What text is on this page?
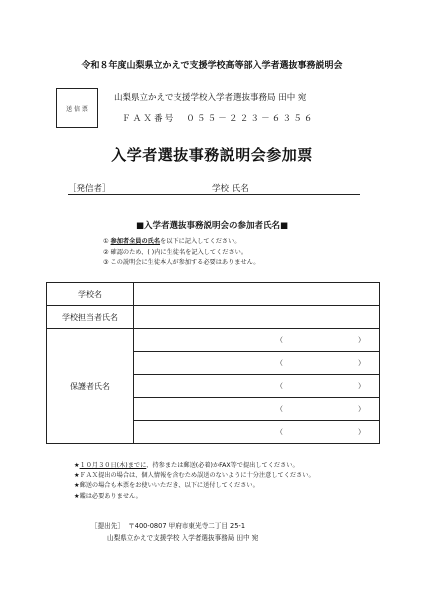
令和８年度山梨県立かえで支援学校高等部入学者選抜事務説明会
送 信 票
山梨県立かえで支援学校入学者選抜事務局 田中 宛
ＦＡＸ番号　０５５－２２３－６３５６
入学者選抜事務説明会参加票
［発信者］	学校 氏名
■入学者選抜事務説明会の参加者氏名■
① 参加者全員の氏名を以下に記入してください。
② 確認のため、( )内に生徒名を記入してください。
③ この説明会に生徒本人が参加する必要はありません。
学校名	
学校担当者氏名	
保護者氏名	（ ）

	（ ）

	（ ）

	（ ）

	（ ）
★１０月３０日(木)までに、持参または郵送(必着)かFAX等で提出してください。
★ＦＡＸ提出の場合は、個人情報を含むため誤送のないように十分注意してください。
★郵送の場合も本票をお使いいただき、以下に送付してください。
★鑑は必要ありません。
［提出先］ 〒400-0807 甲府市東光寺二丁目 25-1
山梨県立かえで支援学校 入学者選抜事務局 田中 宛
